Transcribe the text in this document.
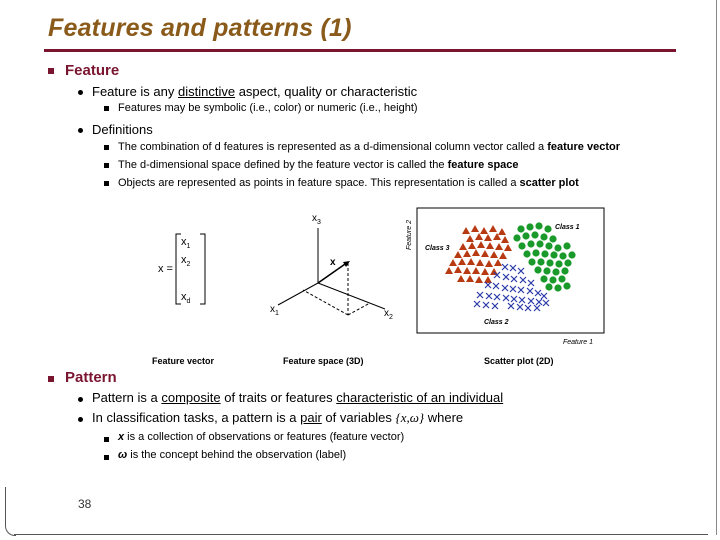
Features and patterns (1)
Feature
Feature is any distinctive aspect, quality or characteristic
Features may be symbolic (i.e., color) or numeric (i.e., height)
Definitions
The combination of d features is represented as a d-dimensional column vector called a feature vector
The d-dimensional space defined by the feature vector is called the feature space
Objects are represented as points in feature space. This representation is called a scatter plot
x =
$x_1$
$x_2$
$x_d$
Feature vector
$x_3$
$x_1$	$x_2$
x
Feature space (3D)
Feature 2
Feature 1
Class 1
Class 2
Class 3
Scatter plot (2D)
Pattern
Pattern is a composite of traits or features characteristic of an individual
In classification tasks, a pattern is a pair of variables {x,ω} where
x is a collection of observations or features (feature vector)
ω is the concept behind the observation (label)
38
